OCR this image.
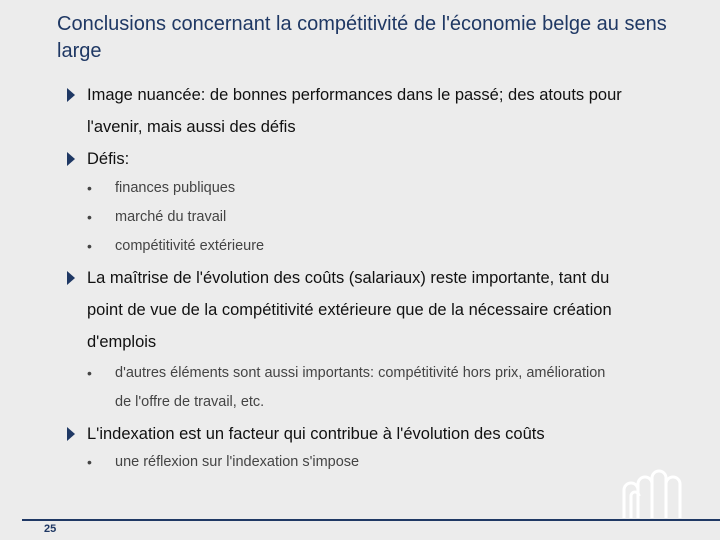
Conclusions concernant la compétitivité de l'économie belge au sens large
Image nuancée: de bonnes performances dans le passé; des atouts pour
l'avenir, mais aussi des défis
Défis:
• finances publiques
• marché du travail
• compétitivité extérieure
La maîtrise de l'évolution des coûts (salariaux) reste importante, tant du
point de vue de la compétitivité extérieure que de la nécessaire création
d'emplois
• d'autres éléments sont aussi importants: compétitivité hors prix, amélioration
de l'offre de travail, etc.
L'indexation est un facteur qui contribue à l'évolution des coûts
• une réflexion sur l'indexation s'impose
25
